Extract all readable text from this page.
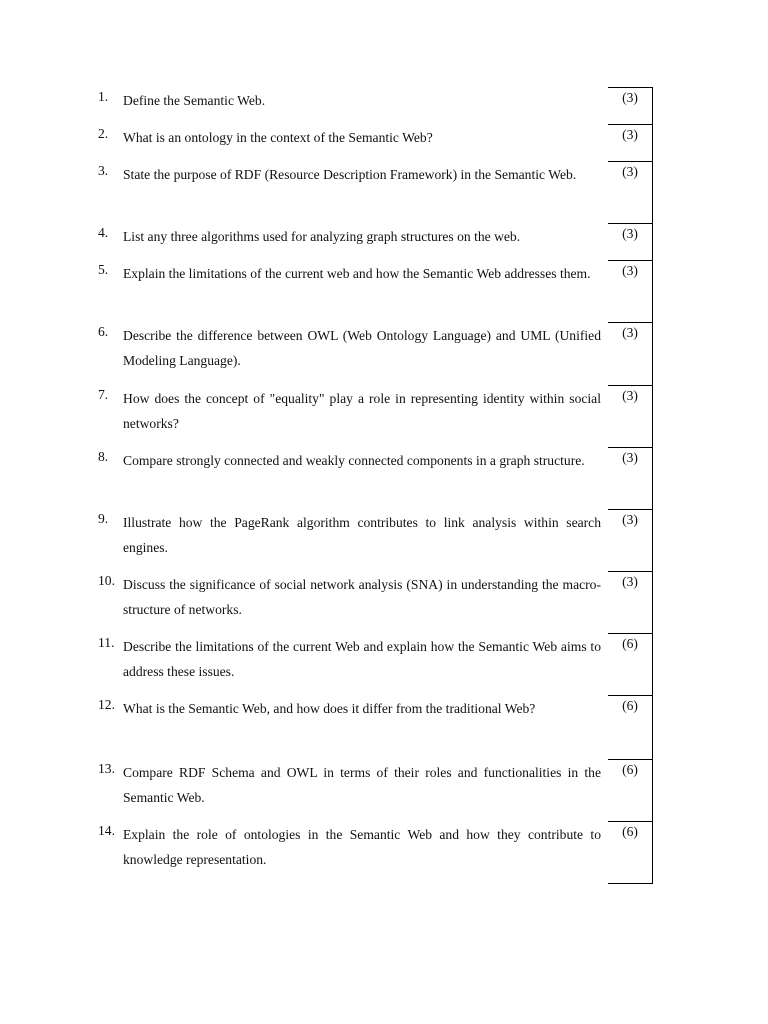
1.	Define the Semantic Web.	(3)
2.	What is an ontology in the context of the Semantic Web?	(3)
3.	State the purpose of RDF (Resource Description Framework) in the Semantic Web.	(3)
4.	List any three algorithms used for analyzing graph structures on the web.	(3)
5.	Explain the limitations of the current web and how the Semantic Web addresses them.	(3)
6.	Describe the difference between OWL (Web Ontology Language) and UML (Unified Modeling Language).	(3)
7.	How does the concept of "equality" play a role in representing identity within social networks?	(3)
8.	Compare strongly connected and weakly connected components in a graph structure.	(3)
9.	Illustrate how the PageRank algorithm contributes to link analysis within search engines.	(3)
10.	Discuss the significance of social network analysis (SNA) in understanding the macro-structure of networks.	(3)
11.	Describe the limitations of the current Web and explain how the Semantic Web aims to address these issues.	(6)
12.	What is the Semantic Web, and how does it differ from the traditional Web?	(6)
13.	Compare RDF Schema and OWL in terms of their roles and functionalities in the Semantic Web.	(6)
14.	Explain the role of ontologies in the Semantic Web and how they contribute to knowledge representation.	(6)
